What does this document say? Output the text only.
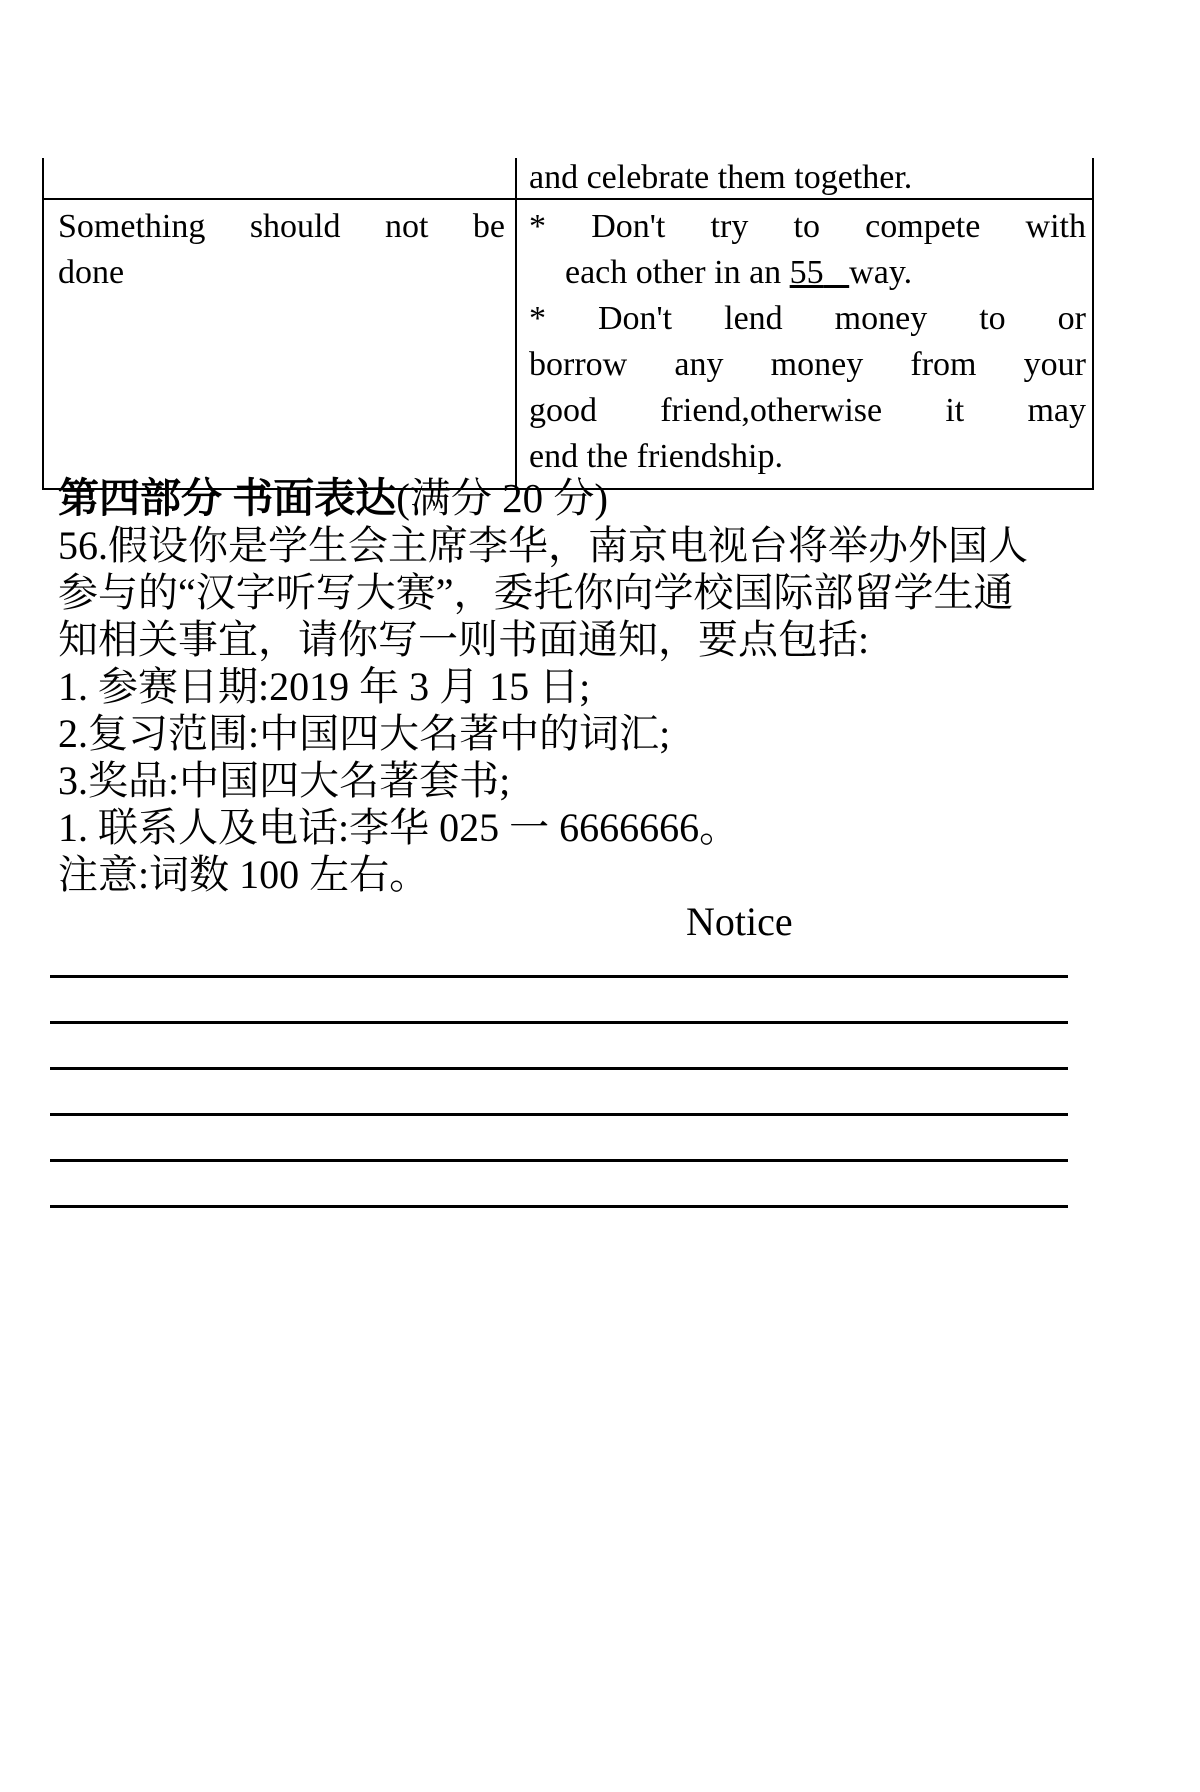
and celebrate them together.
Something should not be
done
* Don't try to compete with
each other in an 55 way.
* Don't lend money to or
borrow any money from your
good friend,otherwise it may
end the friendship.
第四部分 书面表达(满分 20 分)
56.假设你是学生会主席李华，南京电视台将举办外国人
参与的“汉字听写大赛”，委托你向学校国际部留学生通
知相关事宜，请你写一则书面通知，要点包括:
1. 参赛日期:2019 年 3 月 15 日;
2.复习范围:中国四大名著中的词汇;
3.奖品:中国四大名著套书;
1. 联系人及电话:李华 025 一 6666666。
注意:词数 100 左右。
Notice
